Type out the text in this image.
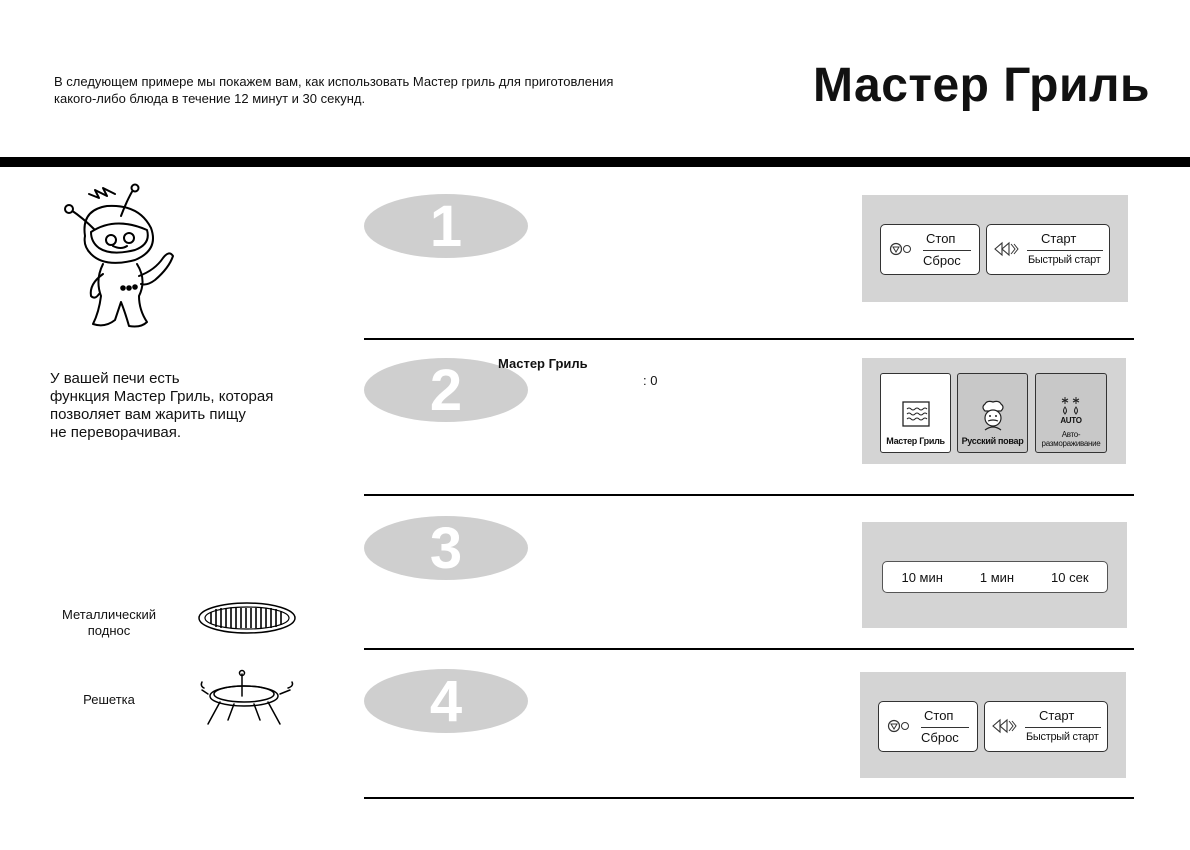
В следующем примере мы покажем вам, как использовать Мастер гриль для приготовления
какого-либо блюда в течение 12 минут и 30 секунд.	Мастер Гриль
У вашей печи есть
функция Мастер Гриль, которая
позволяет вам жарить пищу
не переворачивая.
Металлический
поднос
Решетка
1
2	Мастер Гриль
: 0
3
4
Стоп
Сброс
Старт
Быстрый старт
Мастер Гриль Русский повар
AUTO
Авто-
размораживание
10 мин	1 мин	10 сек
Стоп
Сброс
Старт
Быстрый старт
